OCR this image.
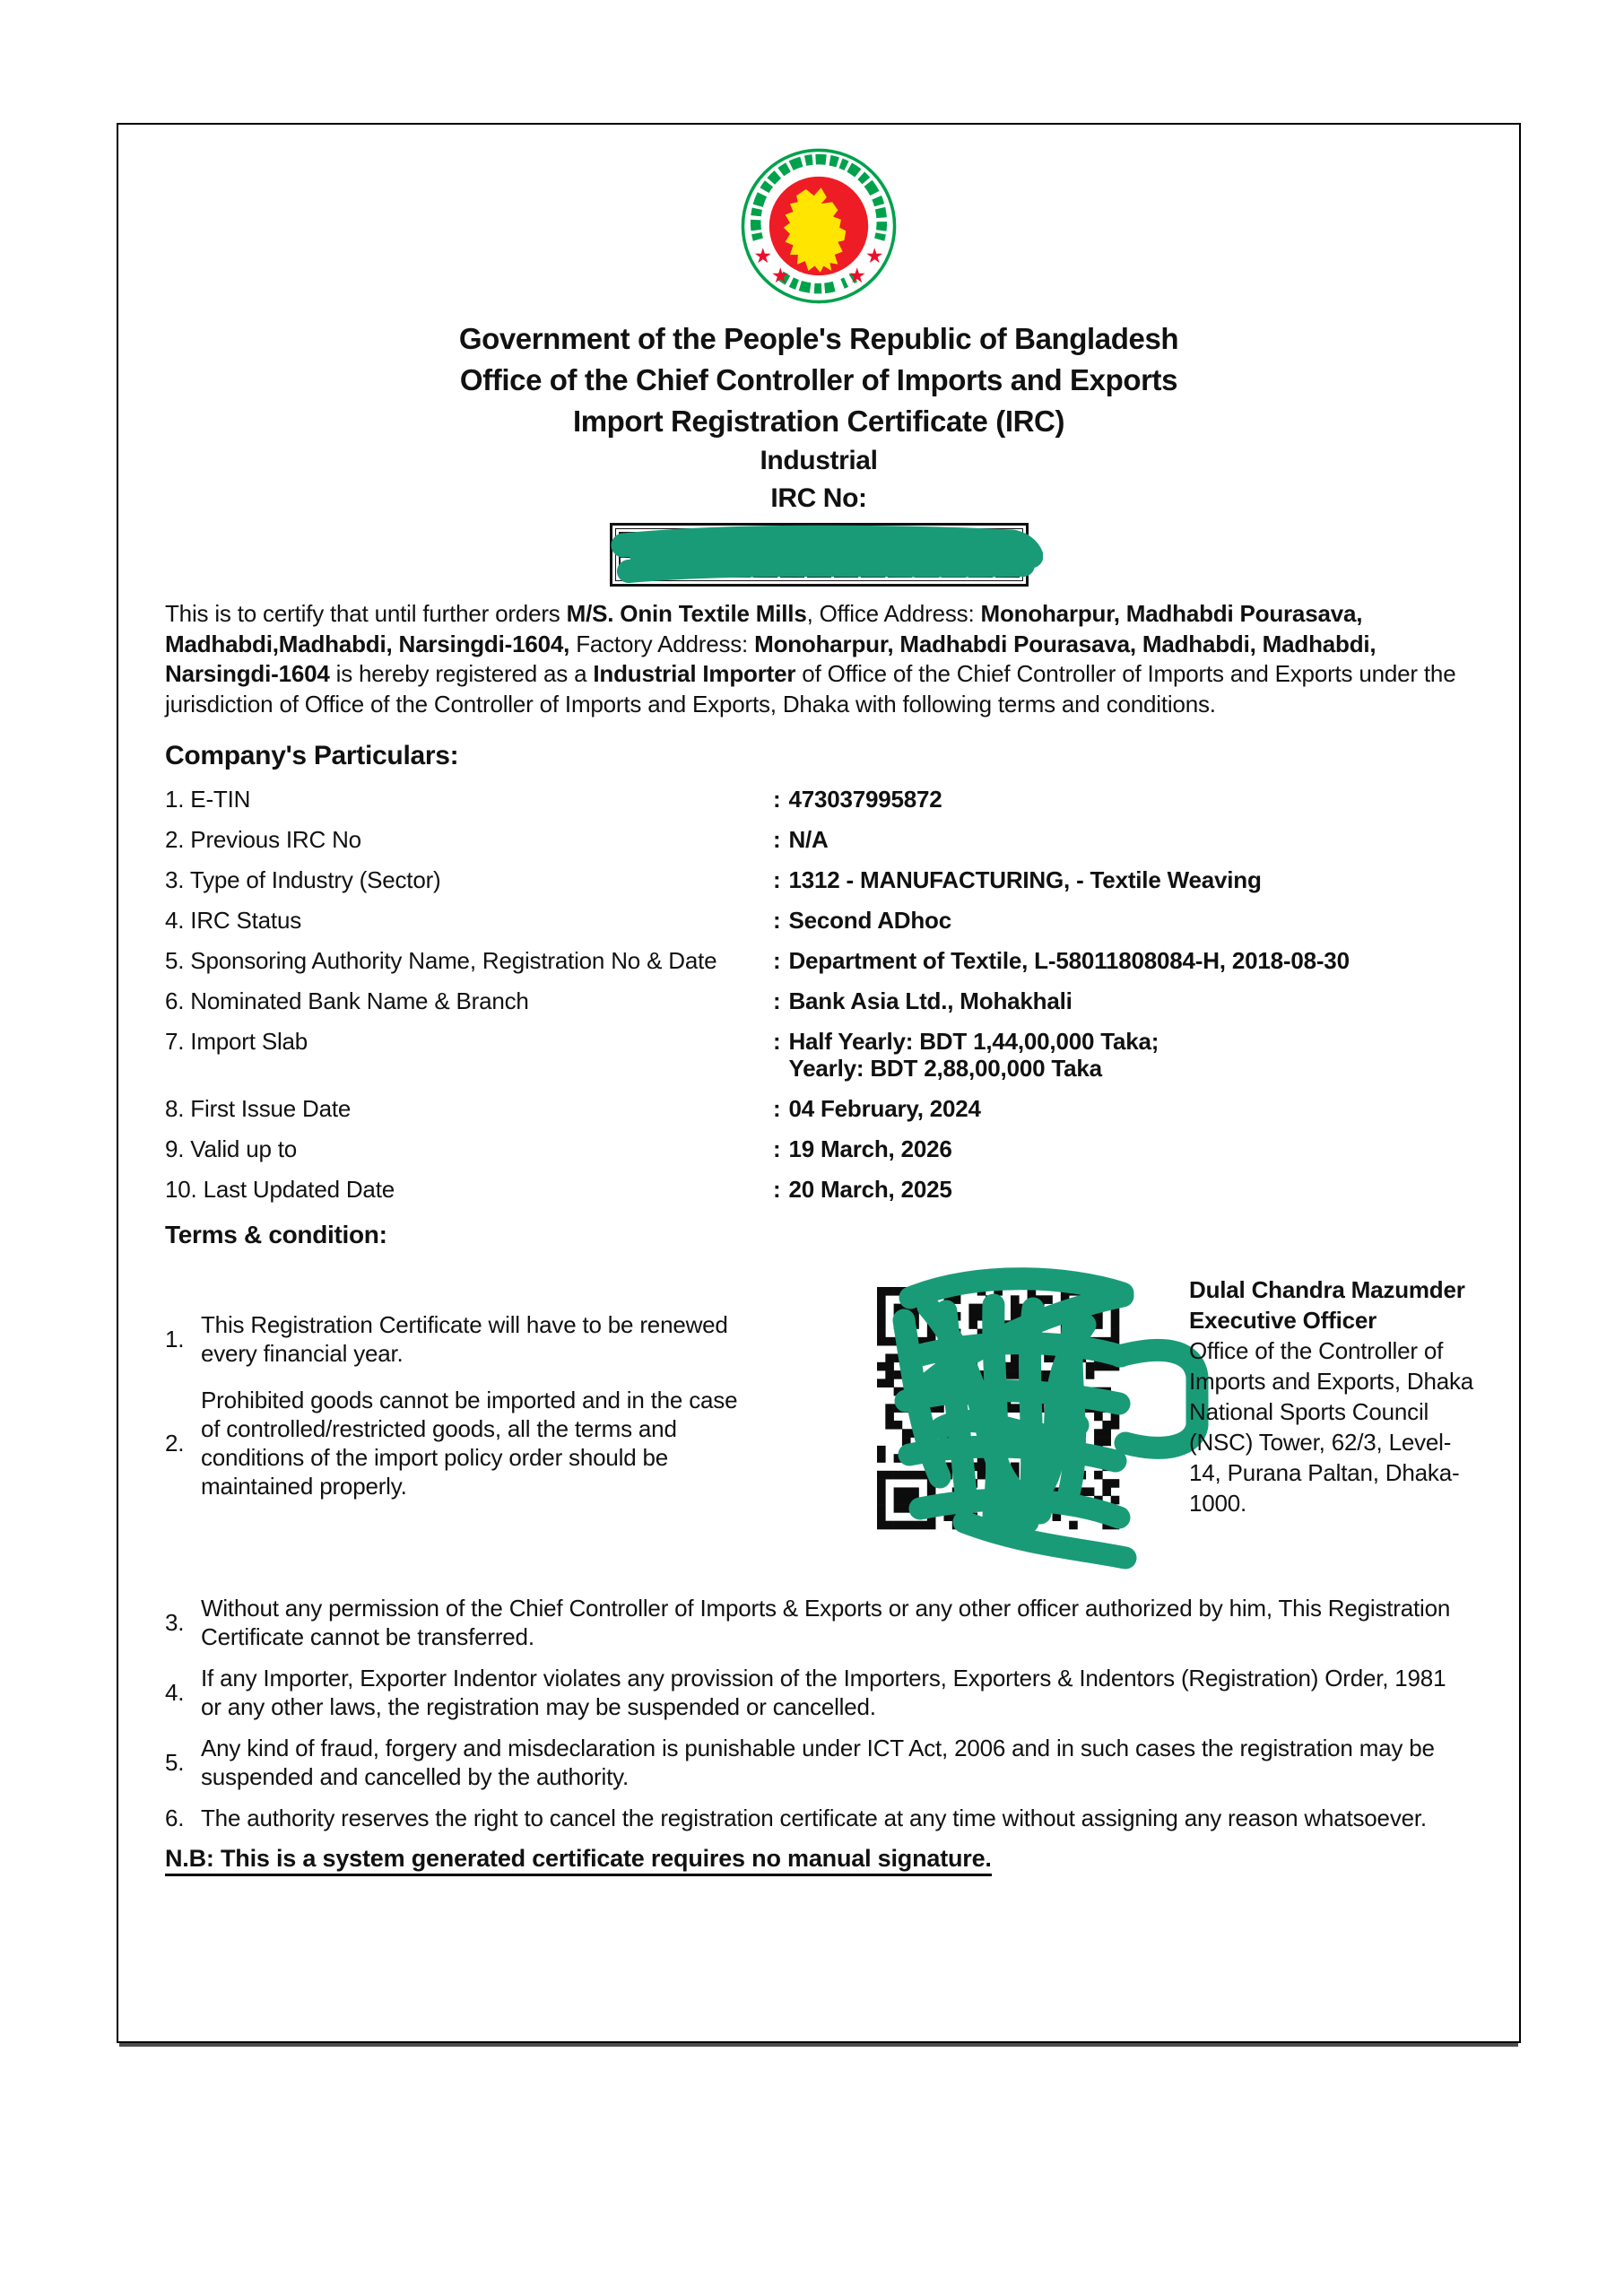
★
★
★
★
Government of the People's Republic of Bangladesh
Office of the Chief Controller of Imports and Exports
Import Registration Certificate (IRC)
Industrial
IRC No:
This is to certify that until further orders M/S. Onin Textile Mills, Office Address: Monoharpur, Madhabdi Pourasava, Madhabdi,Madhabdi, Narsingdi-1604, Factory Address: Monoharpur, Madhabdi Pourasava, Madhabdi, Madhabdi, Narsingdi-1604 is hereby registered as a Industrial Importer of Office of the Chief Controller of Imports and Exports under the jurisdiction of Office of the Controller of Imports and Exports, Dhaka with following terms and conditions.
Company's Particulars:
1. E-TIN	: 473037995872
2. Previous IRC No	: N/A
3. Type of Industry (Sector)	: 1312 - MANUFACTURING, - Textile Weaving
4. IRC Status	: Second ADhoc
5. Sponsoring Authority Name, Registration No & Date	: Department of Textile, L-58011808084-H, 2018-08-30
6. Nominated Bank Name & Branch	: Bank Asia Ltd., Mohakhali
7. Import Slab	: Half Yearly: BDT 1,44,00,000 Taka;
Yearly: BDT 2,88,00,000 Taka
8. First Issue Date	: 04 February, 2024
9. Valid up to	: 19 March, 2026
10. Last Updated Date	: 20 March, 2025
Terms & condition:
1.
This Registration Certificate will have to be renewed every financial year.
2.
Prohibited goods cannot be imported and in the case of controlled/restricted goods, all the terms and conditions of the import policy order should be maintained properly.
Dulal Chandra Mazumder
Executive Officer
Office of the Controller of Imports and Exports, Dhaka
National Sports Council (NSC) Tower, 62/3, Level-14, Purana Paltan, Dhaka-1000.
3.
Without any permission of the Chief Controller of Imports & Exports or any other officer authorized by him, This Registration Certificate cannot be transferred.
4.
If any Importer, Exporter Indentor violates any provission of the Importers, Exporters & Indentors (Registration) Order, 1981 or any other laws, the registration may be suspended or cancelled.
5.
Any kind of fraud, forgery and misdeclaration is punishable under ICT Act, 2006 and in such cases the registration may be suspended and cancelled by the authority.
6. The authority reserves the right to cancel the registration certificate at any time without assigning any reason whatsoever.
N.B: This is a system generated certificate requires no manual signature.
